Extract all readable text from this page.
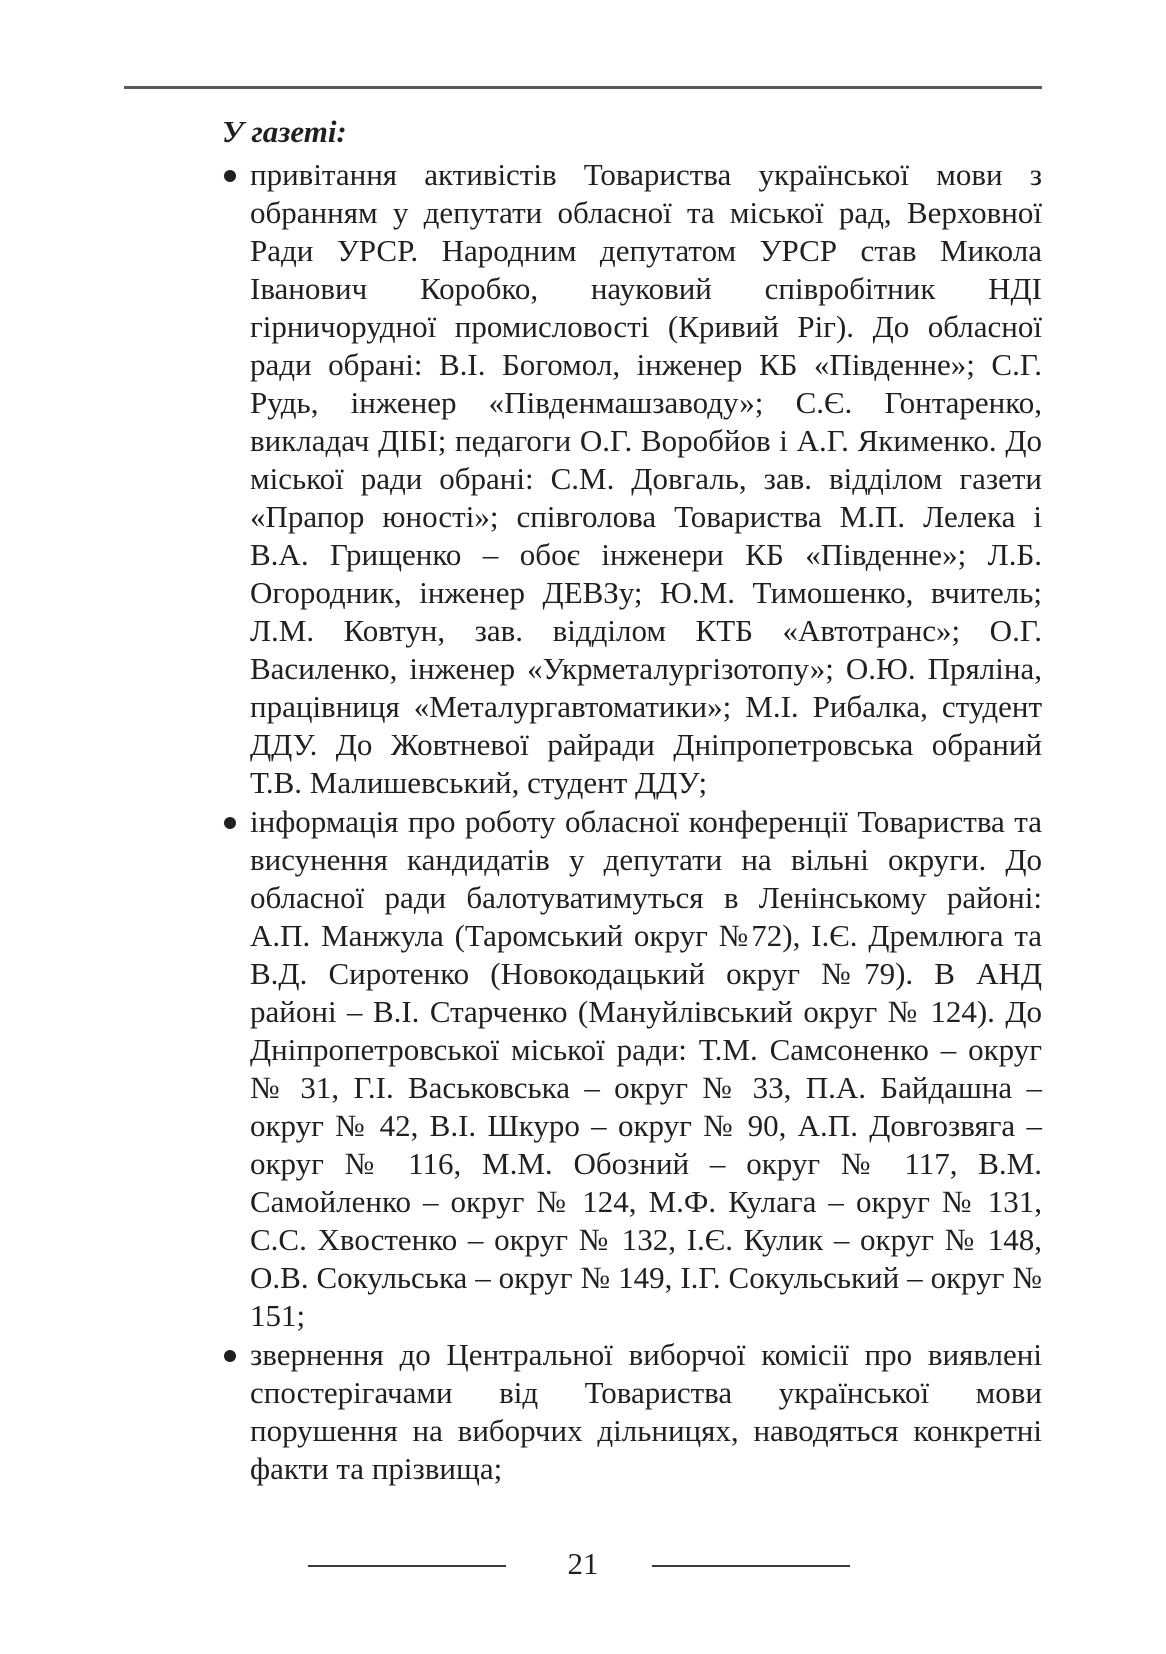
У газеті:
привітання активістів Товариства української мови з обранням у депутати обласної та міської рад, Верховної Ради УРСР. Народним депутатом УРСР став Микола Іванович Коробко, науковий співробітник НДІ гірничорудної промисловості (Кривий Ріг). До обласної ради обрані: В.І. Богомол, інженер КБ «Південне»; С.Г. Рудь, інженер «Південмашзаводу»; С.Є. Гонтаренко, викладач ДІБІ; педагоги О.Г. Воробйов і А.Г. Якименко. До міської ради обрані: С.М. Довгаль, зав. відділом газети «Прапор юності»; співголова Товариства М.П. Лелека і В.А. Грищенко – обоє інженери КБ «Південне»; Л.Б. Огородник, інженер ДЕВЗу; Ю.М. Тимошенко, вчитель; Л.М. Ковтун, зав. відділом КТБ «Автотранс»; О.Г. Василенко, інженер «Укрметалургізотопу»; О.Ю. Пряліна, працівниця «Металургавтоматики»; М.І. Рибалка, студент ДДУ. До Жовтневої райради Дніпропетровська обраний Т.В. Малишевський, студент ДДУ;
інформація про роботу обласної конференції Товариства та висунення кандидатів у депутати на вільні округи. До обласної ради балотуватимуться в Ленінському районі: А.П. Манжула (Таромський округ №72), І.Є. Дремлюга та В.Д. Сиротенко (Новокодацький округ №79). В АНД районі – В.І. Старченко (Мануйлівський округ № 124). До Дніпропетровської міської ради: Т.М. Самсоненко – округ № 31, Г.І. Васьковська – округ № 33, П.А. Байдашна – округ № 42, В.І. Шкуро – округ № 90, А.П. Довгозвяга – округ № 116, М.М. Обозний – округ № 117, В.М. Самойленко – округ № 124, М.Ф. Кулага – округ № 131, С.С. Хвостенко – округ № 132, І.Є. Кулик – округ № 148, О.В. Сокульська – округ № 149, І.Г. Сокульський – округ № 151;
звернення до Центральної виборчої комісії про виявлені спостерігачами від Товариства української мови порушення на виборчих дільницях, наводяться конкретні факти та прізвища;
21
